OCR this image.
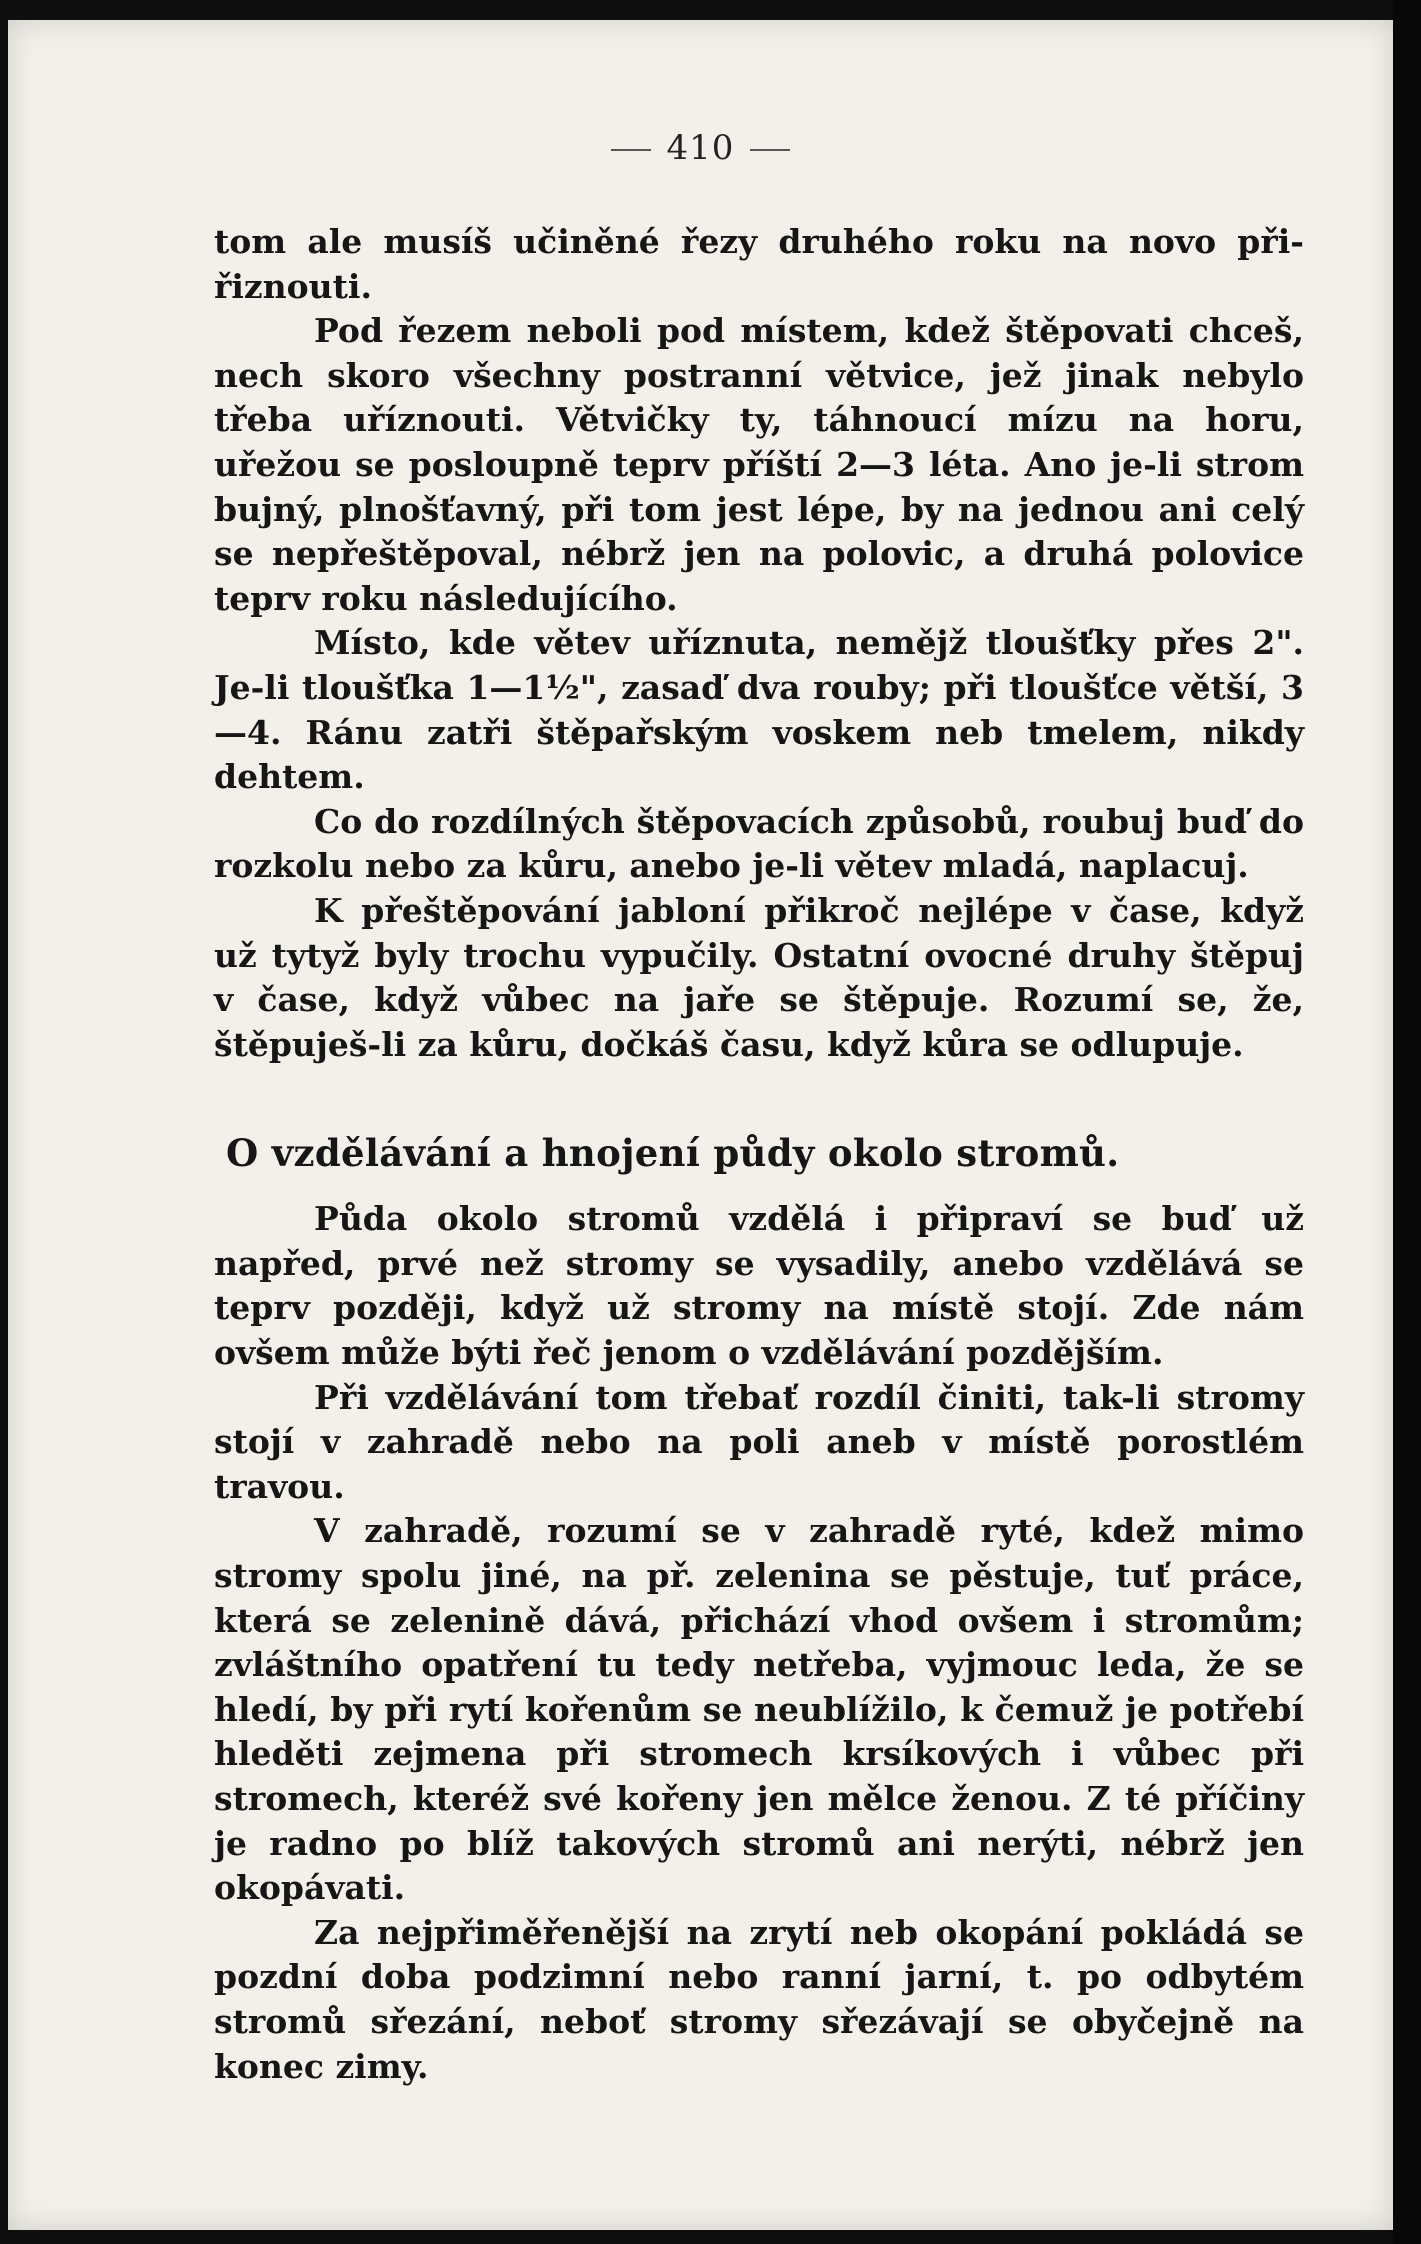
410

tom ale musíš učiněné řezy druhého roku na novo při-řiznouti.

Pod řezem neboli pod místem, kdež štěpovati chceš, nech skoro všechny postranní větvice, jež jinak nebylo třeba uříznouti. Větvičky ty, táhnoucí mízu na horu, uřežou se posloupně teprv příští 2—3 léta. Ano je-li strom bujný, plnošťavný, při tom jest lépe, by na jednou ani celý se nepřeštěpoval, nébrž jen na polovic, a druhá polovice teprv roku následujícího.

Místo, kde větev uříznuta, nemějž tloušťky přes 2". Je-li tloušťka 1—1½", zasaď dva rouby; při tloušťce větší, 3—4. Ránu zatři štěpařským voskem neb tmelem, nikdy dehtem.

Co do rozdílných štěpovacích způsobů, roubuj buď do rozkolu nebo za kůru, anebo je-li větev mladá, naplacuj.

K přeštěpování jabloní přikroč nejlépe v čase, když už tytyž byly trochu vypučily. Ostatní ovocné druhy štěpuj v čase, když vůbec na jaře se štěpuje. Rozumí se, že, štěpuješ-li za kůru, dočkáš času, když kůra se odlupuje.

O vzdělávání a hnojení půdy okolo stromů.

Půda okolo stromů vzdělá i připraví se buď už napřed, prvé než stromy se vysadily, anebo vzdělává se teprv později, když už stromy na místě stojí. Zde nám ovšem může býti řeč jenom o vzdělávání pozdějším.

Při vzdělávání tom třebať rozdíl činiti, tak-li stromy stojí v zahradě nebo na poli aneb v místě porostlém travou.

V zahradě, rozumí se v zahradě ryté, kdež mimo stromy spolu jiné, na př. zelenina se pěstuje, tuť práce, která se zelenině dává, přichází vhod ovšem i stromům; zvláštního opatření tu tedy netřeba, vyjmouc leda, že se hledí, by při rytí kořenům se neublížilo, k čemuž je potřebí hleděti zejmena při stromech krsíkových i vůbec při stromech, kteréž své kořeny jen mělce ženou. Z té příčiny je radno po blíž takových stromů ani nerýti, nébrž jen okopávati.

Za nejpřiměřenější na zrytí neb okopání pokládá se pozdní doba podzimní nebo ranní jarní, t. po odbytém stromů sřezání, neboť stromy sřezávají se obyčejně na konec zimy.
